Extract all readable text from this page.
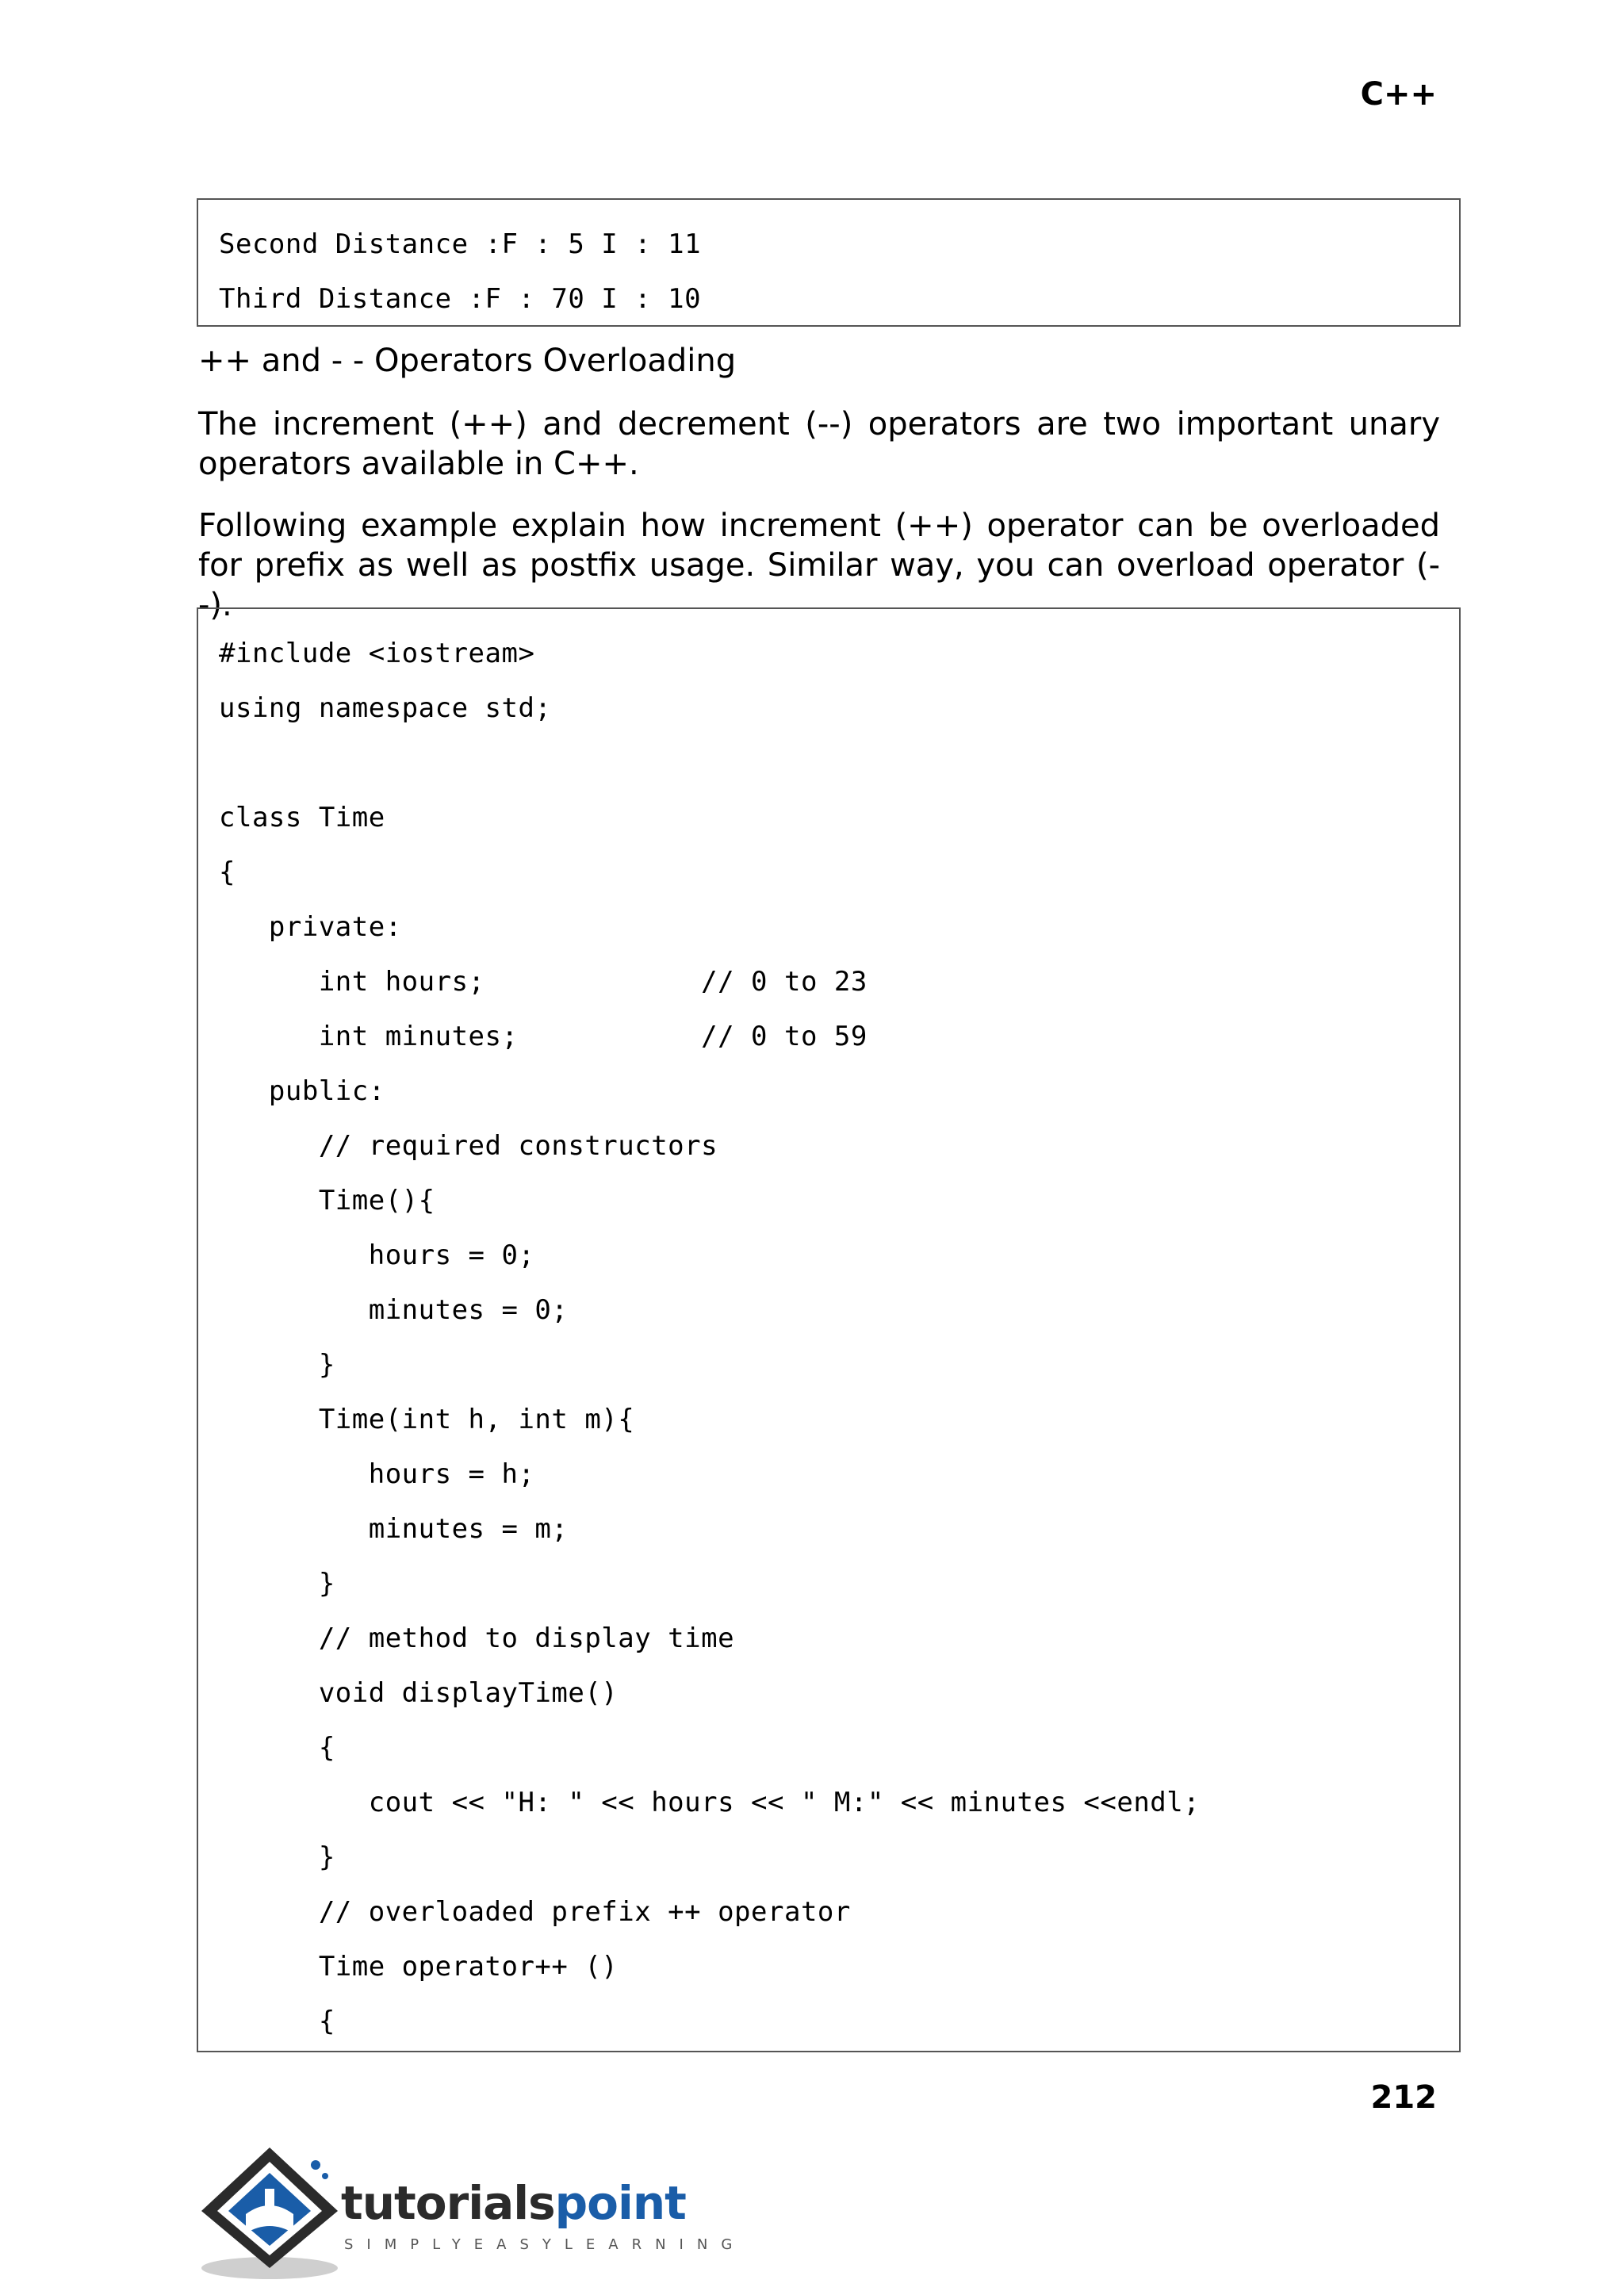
C++
Second Distance :F : 5 I : 11
Third Distance :F : 70 I : 10
++ and - - Operators Overloading
The increment (++) and decrement (--) operators are two important unary operators available in C++.
Following example explain how increment (++) operator can be overloaded for prefix as well as postfix usage. Similar way, you can overload operator (--).
#include <iostream>
using namespace std;
class Time
{
private:
int hours;             // 0 to 23
int minutes;           // 0 to 59
public:
// required constructors
Time(){
hours = 0;
minutes = 0;
}
Time(int h, int m){
hours = h;
minutes = m;
}
// method to display time
void displayTime()
{
cout << "H: " << hours << " M:" << minutes <<endl;
}
// overloaded prefix ++ operator
Time operator++ ()
{
212
tutorialspoint
SIMPLYEASYLEARNING
